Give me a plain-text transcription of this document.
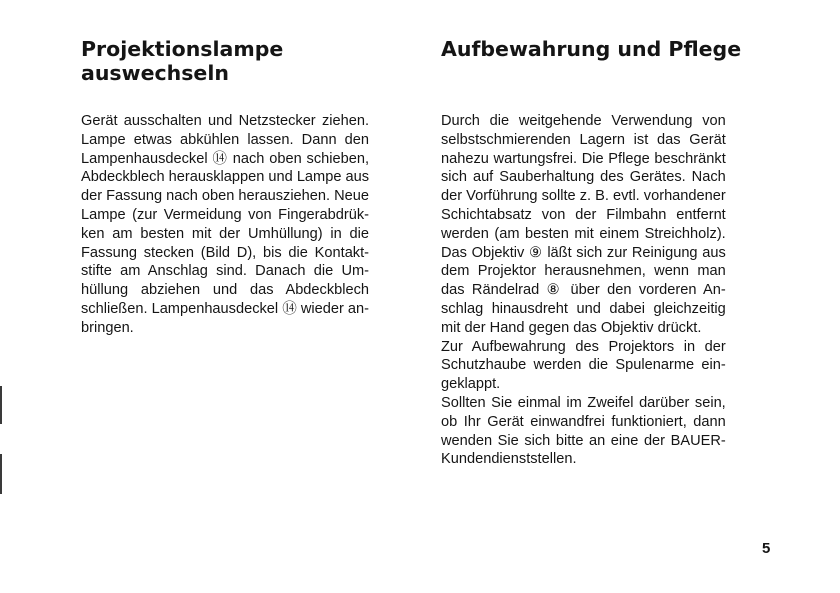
Projektionslampe
auswechseln
Gerät ausschalten und Netzstecker ziehen.
Lampe etwas abkühlen lassen. Dann den
Lampenhausdeckel ⑭ nach oben schieben,
Abdeckblech herausklappen und Lampe aus
der Fassung nach oben herausziehen. Neue
Lampe (zur Vermeidung von Fingerabdrük-
ken am besten mit der Umhüllung) in die
Fassung stecken (Bild D), bis die Kontakt-
stifte am Anschlag sind. Danach die Um-
hüllung abziehen und das Abdeckblech
schließen. Lampenhausdeckel ⑭ wieder an-
bringen.
Aufbewahrung und Pflege
Durch die weitgehende Verwendung von
selbstschmierenden Lagern ist das Gerät
nahezu wartungsfrei. Die Pflege beschränkt
sich auf Sauberhaltung des Gerätes. Nach
der Vorführung sollte z. B. evtl. vorhandener
Schichtabsatz von der Filmbahn entfernt
werden (am besten mit einem Streichholz).
Das Objektiv ⑨ läßt sich zur Reinigung aus
dem Projektor herausnehmen, wenn man
das Rändelrad ⑧ über den vorderen An-
schlag hinausdreht und dabei gleichzeitig
mit der Hand gegen das Objektiv drückt.
Zur Aufbewahrung des Projektors in der
Schutzhaube werden die Spulenarme ein-
geklappt.
Sollten Sie einmal im Zweifel darüber sein,
ob Ihr Gerät einwandfrei funktioniert, dann
wenden Sie sich bitte an eine der BAUER-
Kundendienststellen.
5
